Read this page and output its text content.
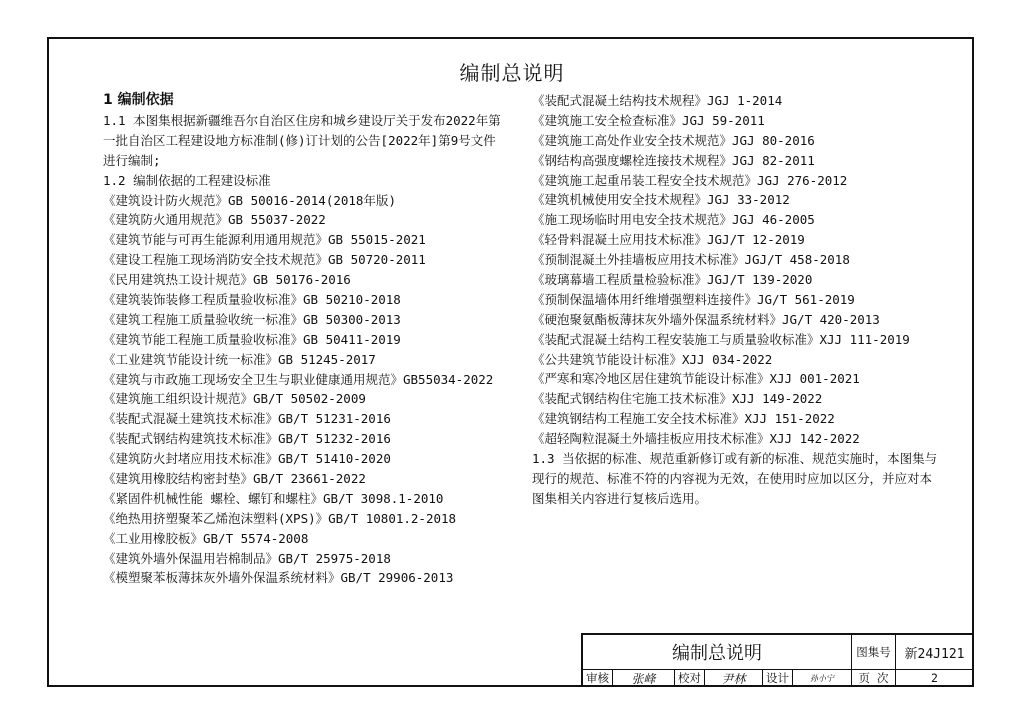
编制总说明
1 编制依据
1.1 本图集根据新疆维吾尔自治区住房和城乡建设厅关于发布2022年第一批自治区工程建设地方标准制(修)订计划的公告[2022年]第9号文件进行编制;
1.2 编制依据的工程建设标准
《建筑设计防火规范》GB 50016-2014(2018年版)
《建筑防火通用规范》GB 55037-2022
《建筑节能与可再生能源利用通用规范》GB 55015-2021
《建设工程施工现场消防安全技术规范》GB 50720-2011
《民用建筑热工设计规范》GB 50176-2016
《建筑装饰装修工程质量验收标准》GB 50210-2018
《建筑工程施工质量验收统一标准》GB 50300-2013
《建筑节能工程施工质量验收标准》GB 50411-2019
《工业建筑节能设计统一标准》GB 51245-2017
《建筑与市政施工现场安全卫生与职业健康通用规范》GB55034-2022
《建筑施工组织设计规范》GB/T 50502-2009
《装配式混凝土建筑技术标准》GB/T 51231-2016
《装配式钢结构建筑技术标准》GB/T 51232-2016
《建筑防火封堵应用技术标准》GB/T 51410-2020
《建筑用橡胶结构密封垫》GB/T 23661-2022
《紧固件机械性能 螺栓、螺钉和螺柱》GB/T 3098.1-2010
《绝热用挤塑聚苯乙烯泡沫塑料(XPS)》GB/T 10801.2-2018
《工业用橡胶板》GB/T 5574-2008
《建筑外墙外保温用岩棉制品》GB/T 25975-2018
《模塑聚苯板薄抹灰外墙外保温系统材料》GB/T 29906-2013
《装配式混凝土结构技术规程》JGJ 1-2014
《建筑施工安全检查标准》JGJ 59-2011
《建筑施工高处作业安全技术规范》JGJ 80-2016
《钢结构高强度螺栓连接技术规程》JGJ 82-2011
《建筑施工起重吊装工程安全技术规范》JGJ 276-2012
《建筑机械使用安全技术规程》JGJ 33-2012
《施工现场临时用电安全技术规范》JGJ 46-2005
《轻骨料混凝土应用技术标准》JGJ/T 12-2019
《预制混凝土外挂墙板应用技术标准》JGJ/T 458-2018
《玻璃幕墙工程质量检验标准》JGJ/T 139-2020
《预制保温墙体用纤维增强塑料连接件》JG/T 561-2019
《硬泡聚氨酯板薄抹灰外墙外保温系统材料》JG/T 420-2013
《装配式混凝土结构工程安装施工与质量验收标准》XJJ 111-2019
《公共建筑节能设计标准》XJJ 034-2022
《严寒和寒冷地区居住建筑节能设计标准》XJJ 001-2021
《装配式钢结构住宅施工技术标准》XJJ 149-2022
《建筑钢结构工程施工安全技术标准》XJJ 151-2022
《超轻陶粒混凝土外墙挂板应用技术标准》XJJ 142-2022
1.3 当依据的标准、规范重新修订或有新的标准、规范实施时，本图集与现行的规范、标准不符的内容视为无效，在使用时应加以区分，并应对本图集相关内容进行复核后选用。
编制总说明	图集号	新24J121
审核	张峰	校对	尹林	设计	孙小宁	页 次	2
